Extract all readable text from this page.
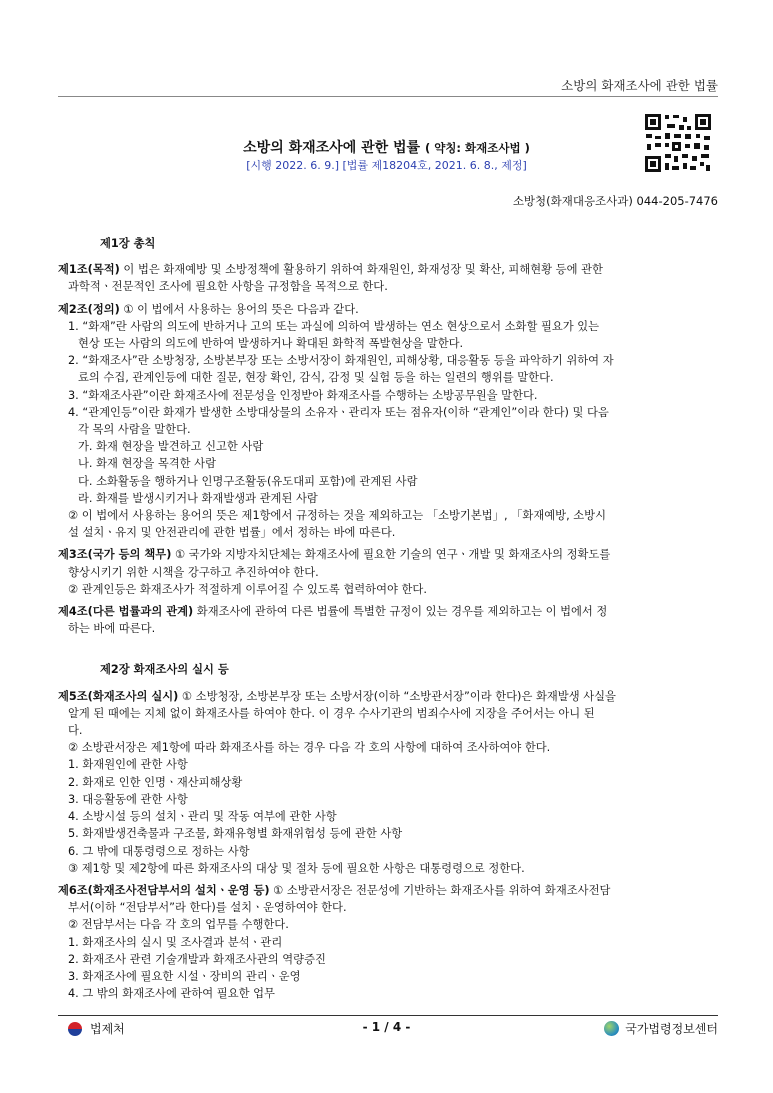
소방의 화재조사에 관한 법률
소방의 화재조사에 관한 법률 ( 약칭: 화재조사법 )
[시행 2022. 6. 9.] [법률 제18204호, 2021. 6. 8., 제정]
소방청(화재대응조사과) 044-205-7476
제1장 총칙
제1조(목적) 이 법은 화재예방 및 소방정책에 활용하기 위하여 화재원인, 화재성장 및 확산, 피해현황 등에 관한
과학적ㆍ전문적인 조사에 필요한 사항을 규정함을 목적으로 한다.
제2조(정의) ① 이 법에서 사용하는 용어의 뜻은 다음과 같다.
1. “화재”란 사람의 의도에 반하거나 고의 또는 과실에 의하여 발생하는 연소 현상으로서 소화할 필요가 있는
현상 또는 사람의 의도에 반하여 발생하거나 확대된 화학적 폭발현상을 말한다.
2. “화재조사”란 소방청장, 소방본부장 또는 소방서장이 화재원인, 피해상황, 대응활동 등을 파악하기 위하여 자
료의 수집, 관계인등에 대한 질문, 현장 확인, 감식, 감정 및 실험 등을 하는 일련의 행위를 말한다.
3. “화재조사관”이란 화재조사에 전문성을 인정받아 화재조사를 수행하는 소방공무원을 말한다.
4. “관계인등”이란 화재가 발생한 소방대상물의 소유자ㆍ관리자 또는 점유자(이하 “관계인”이라 한다) 및 다음
각 목의 사람을 말한다.
가. 화재 현장을 발견하고 신고한 사람
나. 화재 현장을 목격한 사람
다. 소화활동을 행하거나 인명구조활동(유도대피 포함)에 관계된 사람
라. 화재를 발생시키거나 화재발생과 관계된 사람
② 이 법에서 사용하는 용어의 뜻은 제1항에서 규정하는 것을 제외하고는 「소방기본법」, 「화재예방, 소방시
설 설치ㆍ유지 및 안전관리에 관한 법률」에서 정하는 바에 따른다.
제3조(국가 등의 책무) ① 국가와 지방자치단체는 화재조사에 필요한 기술의 연구ㆍ개발 및 화재조사의 정확도를
향상시키기 위한 시책을 강구하고 추진하여야 한다.
② 관계인등은 화재조사가 적절하게 이루어질 수 있도록 협력하여야 한다.
제4조(다른 법률과의 관계) 화재조사에 관하여 다른 법률에 특별한 규정이 있는 경우를 제외하고는 이 법에서 정
하는 바에 따른다.
제2장 화재조사의 실시 등
제5조(화재조사의 실시) ① 소방청장, 소방본부장 또는 소방서장(이하 “소방관서장”이라 한다)은 화재발생 사실을
알게 된 때에는 지체 없이 화재조사를 하여야 한다. 이 경우 수사기관의 범죄수사에 지장을 주어서는 아니 된
다.
② 소방관서장은 제1항에 따라 화재조사를 하는 경우 다음 각 호의 사항에 대하여 조사하여야 한다.
1. 화재원인에 관한 사항
2. 화재로 인한 인명ㆍ재산피해상황
3. 대응활동에 관한 사항
4. 소방시설 등의 설치ㆍ관리 및 작동 여부에 관한 사항
5. 화재발생건축물과 구조물, 화재유형별 화재위험성 등에 관한 사항
6. 그 밖에 대통령령으로 정하는 사항
③ 제1항 및 제2항에 따른 화재조사의 대상 및 절차 등에 필요한 사항은 대통령령으로 정한다.
제6조(화재조사전담부서의 설치ㆍ운영 등) ① 소방관서장은 전문성에 기반하는 화재조사를 위하여 화재조사전담
부서(이하 “전담부서”라 한다)를 설치ㆍ운영하여야 한다.
② 전담부서는 다음 각 호의 업무를 수행한다.
1. 화재조사의 실시 및 조사결과 분석ㆍ관리
2. 화재조사 관련 기술개발과 화재조사관의 역량증진
3. 화재조사에 필요한 시설ㆍ장비의 관리ㆍ운영
4. 그 밖의 화재조사에 관하여 필요한 업무
법제처	- 1 / 4 -	국가법령정보센터
